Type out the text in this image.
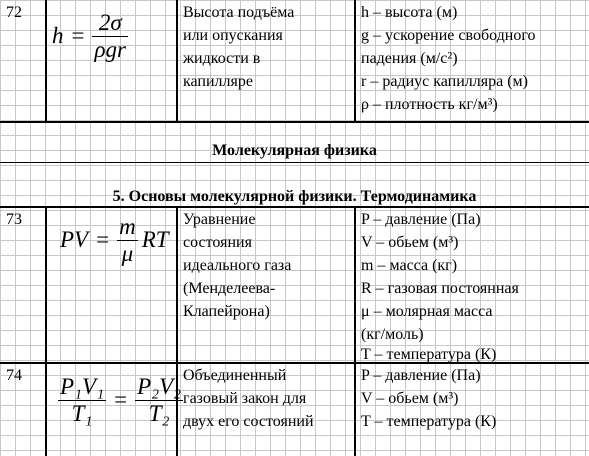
72
$h = \frac{2\sigma}{\text{ρgr}}$	Высота подъёма
или опускания
жидкости в
капилляре
h – высота (м)
g – ускорение свободного
падения (м/с²)
r – радиус капилляра (м)
ρ – плотность кг/м³)
Молекулярная физика
5. Основы молекулярной физики. Термодинамика
73
PV = $\frac{m}{\mu}$ RT
Уравнение
состояния
идеального газа
(Менделеева-
Клапейрона)
P – давление (Па)
V – обьем (м³)
m – масса (кг)
R – газовая постоянная
μ – молярная масса
(кг/моль)
T – температура (К)
$74 \frac{\text{P₁V₁}}{\text{T₁}} = \frac{\text{P₂V₂}}{\text{T₂}}$ Объединенный
газовый закон для
двух его состояний
P – давление (Па)
V – обьем (м³)
T – температура (К)
